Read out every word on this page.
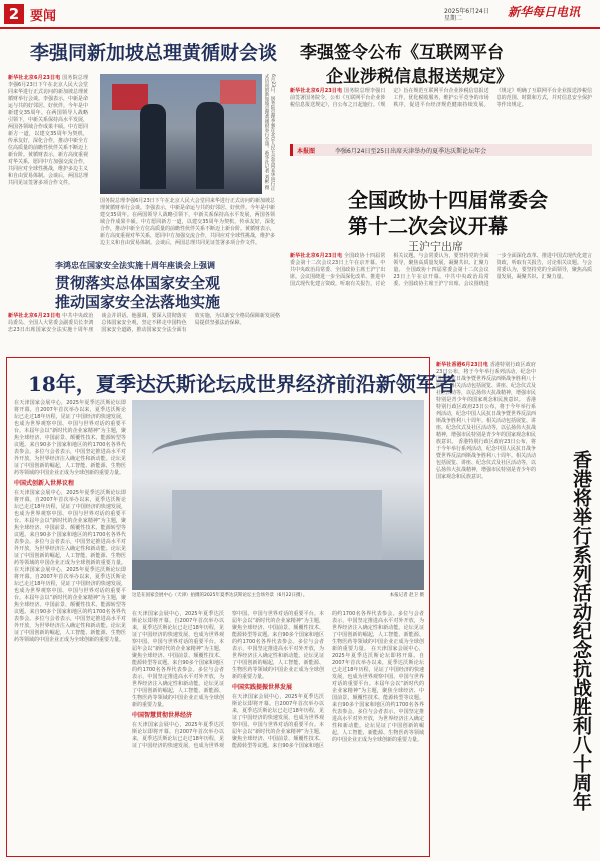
2 要闻	2025年6月24日
星期二	新华每日电讯
李强同新加坡总理黄循财会谈
新华社北京6月23日电 国务院总理李强6月23日下午在北京人民大会堂同来华进行正式访问的新加坡总理黄循财举行会谈。李强表示，中新是命运与共的好邻居、好伙伴。今年是中新建交35周年。在两国领导人战略引领下，中新关系保持高水平发展，两国各领域合作成果丰硕。中方愿同新方一道，以建交35周年为契机，传承友好，深化合作，推动中新全方位高质量的前瞻性伙伴关系不断迈上新台阶。黄循财表示，新方高度重视对华关系，愿同中方加强交流合作，共同应对全球性挑战，维护多边主义和自由贸易体制。会谈后，两国总理共同见证签署多项合作文件。	6月23日，国务院总理李强在北京人民大会堂同来华进行正式访问的新加坡总理黄循财举行会谈。新华社记者 刘彬 摄
国务院总理李强6月23日下午在北京人民大会堂同来华进行正式访问的新加坡总理黄循财举行会谈。李强表示，中新是命运与共的好邻居、好伙伴。今年是中新建交35周年。在两国领导人战略引领下，中新关系保持高水平发展，两国各领域合作成果丰硕。中方愿同新方一道，以建交35周年为契机，传承友好，深化合作，推动中新全方位高质量的前瞻性伙伴关系不断迈上新台阶。黄循财表示，新方高度重视对华关系，愿同中方加强交流合作，共同应对全球性挑战，维护多边主义和自由贸易体制。会谈后，两国总理共同见证签署多项合作文件。
李强签令公布《互联网平台
企业涉税信息报送规定》
新华社北京6月23日电 国务院总理李强日前签署国务院令，公布《互联网平台企业涉税信息报送规定》，自公布之日起施行。《规定》旨在规范互联网平台企业涉税信息报送工作，优化税收服务，维护公平竞争的市场秩序，促进平台经济规范健康持续发展。《规定》明确了互联网平台企业报送涉税信息的范围、时限和方式，并对信息安全保护等作出规定。
本报图	李强6月24日至25日出席天津举办的夏季达沃斯论坛年会
全国政协十四届常委会
第十二次会议开幕
王沪宁出席
新华社北京6月23日电 全国政协十四届常委会第十二次会议23日上午在京开幕。中共中央政治局常委、全国政协主席王沪宁出席。会议围绕进一步全面深化改革、推进中国式现代化建言资政，听取有关报告，讨论相关议题。与会常委认为，要坚持党的全面领导，聚焦高质量发展，凝聚共识、汇聚力量。 全国政协十四届常委会第十二次会议23日上午在京开幕。中共中央政治局常委、全国政协主席王沪宁出席。会议围绕进一步全面深化改革、推进中国式现代化建言资政，听取有关报告，讨论相关议题。与会常委认为，要坚持党的全面领导，聚焦高质量发展，凝聚共识、汇聚力量。
李鸿忠在国家安全法实施十周年座谈会上强调
贯彻落实总体国家安全观
推动国家安全法落地实施
新华社北京6月23日电 中共中央政治局委员、全国人大常委会副委员长李鸿忠23日出席国家安全法实施十周年座谈会并讲话。他强调，要深入贯彻落实总体国家安全观，坚定不移走中国特色国家安全道路，推动国家安全法全面有效实施，为以新安全格局保障新发展格局提供坚强法治保障。
18年，夏季达沃斯论坛成世界经济前沿新领军者
在天津国家会展中心，2025年夏季达沃斯论坛即将开幕。自2007年首次举办以来，夏季达沃斯论坛已走过18年历程，见证了中国经济的快速发展，也成为世界观察中国、中国与世界对话的重要平台。本届年会以“新时代的企业家精神”为主题，聚焦全球经济、中国前景、颠覆性技术、能源转型等议题。来自90多个国家和地区的约1700名各界代表参会。多位与会者表示，中国坚定推进高水平对外开放，为世界经济注入确定性和新动能。论坛见证了中国创新的崛起，人工智能、新能源、生物医药等领域的中国企业正成为全球创新的重要力量。
中国式创新入世界议程
在天津国家会展中心，2025年夏季达沃斯论坛即将开幕。自2007年首次举办以来，夏季达沃斯论坛已走过18年历程，见证了中国经济的快速发展，也成为世界观察中国、中国与世界对话的重要平台。本届年会以“新时代的企业家精神”为主题，聚焦全球经济、中国前景、颠覆性技术、能源转型等议题。来自90多个国家和地区的约1700名各界代表参会。多位与会者表示，中国坚定推进高水平对外开放，为世界经济注入确定性和新动能。论坛见证了中国创新的崛起，人工智能、新能源、生物医药等领域的中国企业正成为全球创新的重要力量。 在天津国家会展中心，2025年夏季达沃斯论坛即将开幕。自2007年首次举办以来，夏季达沃斯论坛已走过18年历程，见证了中国经济的快速发展，也成为世界观察中国、中国与世界对话的重要平台。本届年会以“新时代的企业家精神”为主题，聚焦全球经济、中国前景、颠覆性技术、能源转型等议题。来自90多个国家和地区的约1700名各界代表参会。多位与会者表示，中国坚定推进高水平对外开放，为世界经济注入确定性和新动能。论坛见证了中国创新的崛起，人工智能、新能源、生物医药等领域的中国企业正成为全球创新的重要力量。
这是在国家会展中心（天津）拍摄的2025年夏季达沃斯论坛主会场外景（6月22日摄）。	本报记者 赵卫 摄
在天津国家会展中心，2025年夏季达沃斯论坛即将开幕。自2007年首次举办以来，夏季达沃斯论坛已走过18年历程，见证了中国经济的快速发展，也成为世界观察中国、中国与世界对话的重要平台。本届年会以“新时代的企业家精神”为主题，聚焦全球经济、中国前景、颠覆性技术、能源转型等议题。来自90多个国家和地区的约1700名各界代表参会。多位与会者表示，中国坚定推进高水平对外开放，为世界经济注入确定性和新动能。论坛见证了中国创新的崛起，人工智能、新能源、生物医药等领域的中国企业正成为全球创新的重要力量。
中国智慧贯彻世界经济
在天津国家会展中心，2025年夏季达沃斯论坛即将开幕。自2007年首次举办以来，夏季达沃斯论坛已走过18年历程，见证了中国经济的快速发展，也成为世界观察中国、中国与世界对话的重要平台。本届年会以“新时代的企业家精神”为主题，聚焦全球经济、中国前景、颠覆性技术、能源转型等议题。来自90多个国家和地区的约1700名各界代表参会。多位与会者表示，中国坚定推进高水平对外开放，为世界经济注入确定性和新动能。论坛见证了中国创新的崛起，人工智能、新能源、生物医药等领域的中国企业正成为全球创新的重要力量。
中国实践提振世界发展
在天津国家会展中心，2025年夏季达沃斯论坛即将开幕。自2007年首次举办以来，夏季达沃斯论坛已走过18年历程，见证了中国经济的快速发展，也成为世界观察中国、中国与世界对话的重要平台。本届年会以“新时代的企业家精神”为主题，聚焦全球经济、中国前景、颠覆性技术、能源转型等议题。来自90多个国家和地区的约1700名各界代表参会。多位与会者表示，中国坚定推进高水平对外开放，为世界经济注入确定性和新动能。论坛见证了中国创新的崛起，人工智能、新能源、生物医药等领域的中国企业正成为全球创新的重要力量。 在天津国家会展中心，2025年夏季达沃斯论坛即将开幕。自2007年首次举办以来，夏季达沃斯论坛已走过18年历程，见证了中国经济的快速发展，也成为世界观察中国、中国与世界对话的重要平台。本届年会以“新时代的企业家精神”为主题，聚焦全球经济、中国前景、颠覆性技术、能源转型等议题。来自90多个国家和地区的约1700名各界代表参会。多位与会者表示，中国坚定推进高水平对外开放，为世界经济注入确定性和新动能。论坛见证了中国创新的崛起，人工智能、新能源、生物医药等领域的中国企业正成为全球创新的重要力量。
新华社香港6月23日电 香港特别行政区政府23日公布，将于今年举行系列活动，纪念中国人民抗日战争暨世界反法西斯战争胜利八十周年。相关活动包括展览、讲座、纪念仪式及社区活动等，以弘扬伟大抗战精神，增强市民特别是青少年的国家观念和民族意识。 香港特别行政区政府23日公布，将于今年举行系列活动，纪念中国人民抗日战争暨世界反法西斯战争胜利八十周年。相关活动包括展览、讲座、纪念仪式及社区活动等，以弘扬伟大抗战精神，增强市民特别是青少年的国家观念和民族意识。 香港特别行政区政府23日公布，将于今年举行系列活动，纪念中国人民抗日战争暨世界反法西斯战争胜利八十周年。相关活动包括展览、讲座、纪念仪式及社区活动等，以弘扬伟大抗战精神，增强市民特别是青少年的国家观念和民族意识。	香港将举行系列活动纪念抗战胜利八十周年
